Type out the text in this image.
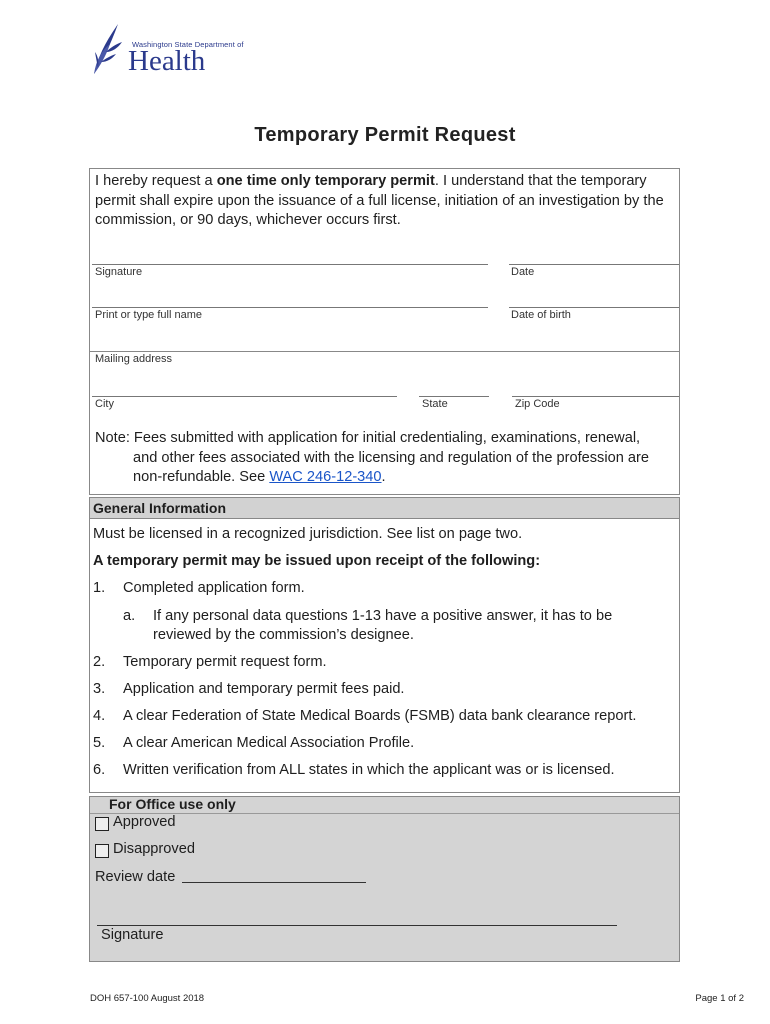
Washington State Department of
Health
Temporary Permit Request
I hereby request a one time only temporary permit. I understand that the temporary permit shall expire upon the issuance of a full license, initiation of an investigation by the commission, or 90 days, whichever occurs first.
Signature	Date
Print or type full name	Date of birth
Mailing address
City	State	Zip Code
Note: Fees submitted with application for initial credentialing, examinations, renewal,
and other fees associated with the licensing and regulation of the profession are
non-refundable. See WAC 246-12-340.
General Information
Must be licensed in a recognized jurisdiction. See list on page two.
A temporary permit may be issued upon receipt of the following:
1. Completed application form.
a. If any personal data questions 1-13 have a positive answer, it has to be
reviewed by the commission’s designee.
2. Temporary permit request form.
3. Application and temporary permit fees paid.
4. A clear Federation of State Medical Boards (FSMB) data bank clearance report.
5. A clear American Medical Association Profile.
6. Written verification from ALL states in which the applicant was or is licensed.
For Office use only
Approved
Disapproved
Review date
Signature
DOH 657-100 August 2018	Page 1 of 2
